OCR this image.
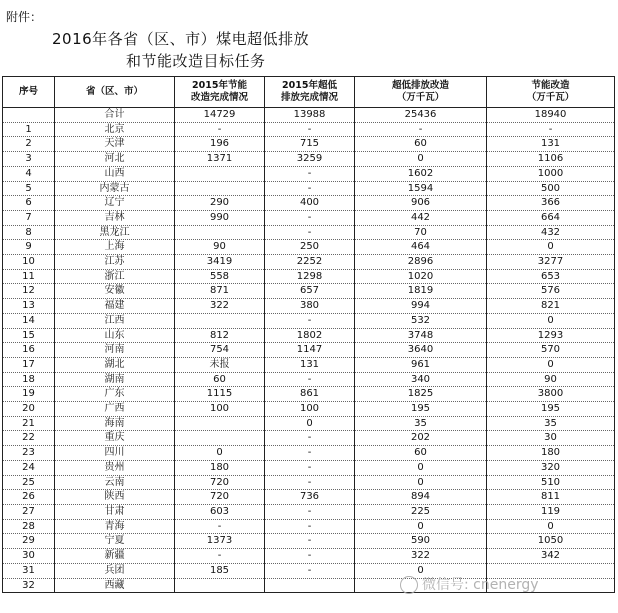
附件：
2016年各省（区、市）煤电超低排放
和节能改造目标任务
序号	省（区、市）	2015年节能
改造完成情况	2015年超低
排放完成情况	超低排放改造
（万千瓦）	节能改造
（万千瓦）
	合计	14729	13988	25436	18940
1	北京	-	-	-	-
2	天津	196	715	60	131
3	河北	1371	3259	0	1106
4	山西		-	1602	1000
5	内蒙古		-	1594	500
6	辽宁	290	400	906	366
7	吉林	990	-	442	664
8	黑龙江		-	70	432
9	上海	90	250	464	0
10	江苏	3419	2252	2896	3277
11	浙江	558	1298	1020	653
12	安徽	871	657	1819	576
13	福建	322	380	994	821
14	江西		-	532	0
15	山东	812	1802	3748	1293
16	河南	754	1147	3640	570
17	湖北	未报	131	961	0
18	湖南	60	-	340	90
19	广东	1115	861	1825	3800
20	广西	100	100	195	195
21	海南		0	35	35
22	重庆		-	202	30
23	四川	0	-	60	180
24	贵州	180	-	0	320
25	云南	720	-	0	510
26	陕西	720	736	894	811
27	甘肃	603	-	225	119
28	青海	-	-	0	0
29	宁夏	1373	-	590	1050
30	新疆	-	-	322	342
31	兵团	185	-	0	
32	西藏					微信号: cnenergy
